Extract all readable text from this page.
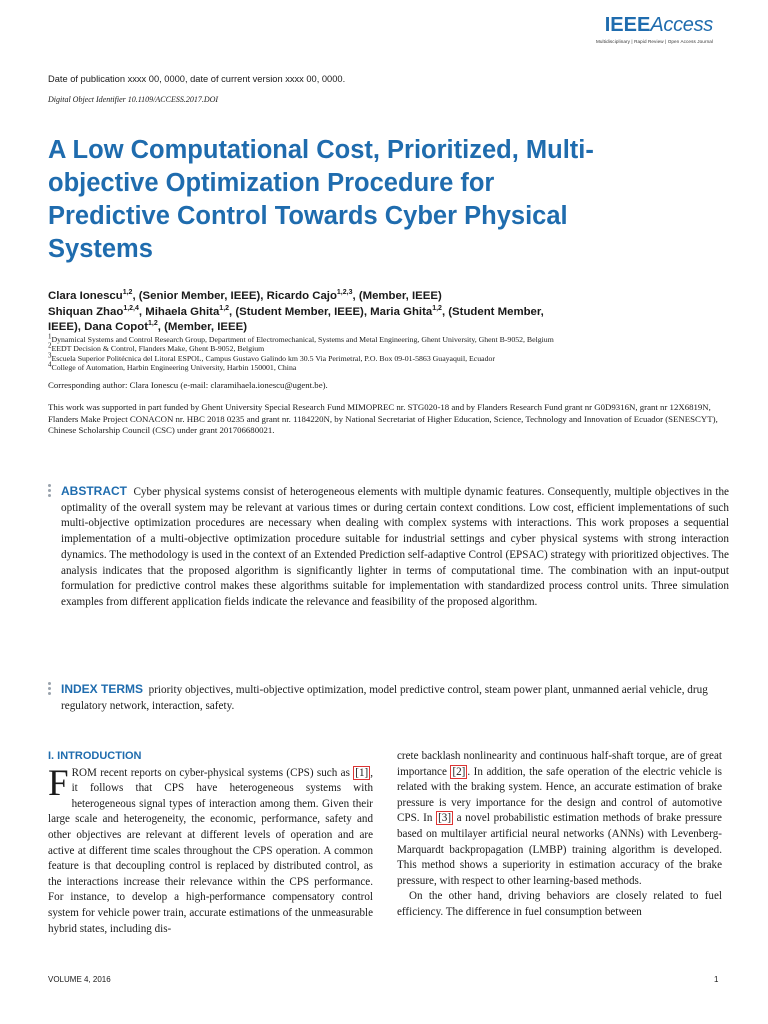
IEEEAccess
Multidisciplinary | Rapid Review | Open Access Journal
Date of publication xxxx 00, 0000, date of current version xxxx 00, 0000.
Digital Object Identifier 10.1109/ACCESS.2017.DOI
A Low Computational Cost, Prioritized, Multi-objective Optimization Procedure for Predictive Control Towards Cyber Physical Systems
Clara Ionescu$^{1,2}$, (Senior Member, IEEE), Ricardo Cajo$^{1,2,3}$, (Member, IEEE)
Shiquan Zhao$^{1,2,4}$, Mihaela Ghita$^{1,2}$, (Student Member, IEEE), Maria Ghita$^{1,2}$, (Student Member, IEEE), Dana Copot$^{1,2}$, (Member, IEEE)
$^1$Dynamical Systems and Control Research Group, Department of Electromechanical, Systems and Metal Engineering, Ghent University, Ghent B-9052, Belgium
$^2$EEDT Decision & Control, Flanders Make, Ghent B-9052, Belgium
$^3$Escuela Superior Politécnica del Litoral ESPOL, Campus Gustavo Galindo km 30.5 Via Perimetral, P.O. Box 09-01-5863 Guayaquil, Ecuador
$^4$College of Automation, Harbin Engineering University, Harbin 150001, China
Corresponding author: Clara Ionescu (e-mail: claramihaela.ionescu@ugent.be).
This work was supported in part funded by Ghent University Special Research Fund MIMOPREC nr. STG020-18 and by Flanders Research Fund grant nr G0D9316N, grant nr 12X6819N, Flanders Make Project CONACON nr. HBC 2018 0235 and grant nr. 1184220N, by National Secretariat of Higher Education, Science, Technology and Innovation of Ecuador (SENESCYT), Chinese Scholarship Council (CSC) under grant 201706680021.
ABSTRACT Cyber physical systems consist of heterogeneous elements with multiple dynamic features. Consequently, multiple objectives in the optimality of the overall system may be relevant at various times or during certain context conditions. Low cost, efficient implementations of such multi-objective optimization procedures are necessary when dealing with complex systems with interactions. This work proposes a sequential implementation of a multi-objective optimization procedure suitable for industrial settings and cyber physical systems with strong interaction dynamics. The methodology is used in the context of an Extended Prediction self-adaptive Control (EPSAC) strategy with prioritized objectives. The analysis indicates that the proposed algorithm is significantly lighter in terms of computational time. The combination with an input-output formulation for predictive control makes these algorithms suitable for implementation with standardized process control units. Three simulation examples from different application fields indicate the relevance and feasibility of the proposed algorithm.
INDEX TERMS priority objectives, multi-objective optimization, model predictive control, steam power plant, unmanned aerial vehicle, drug regulatory network, interaction, safety.
I. INTRODUCTION
F ROM recent reports on cyber-physical systems (CPS) such as [1] , it follows that CPS have heterogeneous systems with heterogeneous signal types of interaction among them. Given their large scale and heterogeneity, the economic, performance, safety and other objectives are relevant at different levels of operation and are active at different time scales throughout the CPS operation. A common feature is that decoupling control is replaced by distributed control, as the interactions increase their relevance within the CPS performance. For instance, to develop a high-performance compensatory control system for vehicle power train, accurate estimations of the unmeasurable hybrid states, including dis-
crete backlash nonlinearity and continuous half-shaft torque, are of great importance [2] . In addition, the safe operation of the electric vehicle is related with the braking system. Hence, an accurate estimation of brake pressure is very importance for the design and control of automotive CPS. In [3] a novel probabilistic estimation methods of brake pressure based on multilayer artificial neural networks (ANNs) with Levenberg-Marquardt backpropagation (LMBP) training algorithm is developed. This method shows a superiority in estimation accuracy of the brake pressure, with respect to other learning-based methods.
On the other hand, driving behaviors are closely related to fuel efficiency. The difference in fuel consumption between
VOLUME 4, 2016	1
